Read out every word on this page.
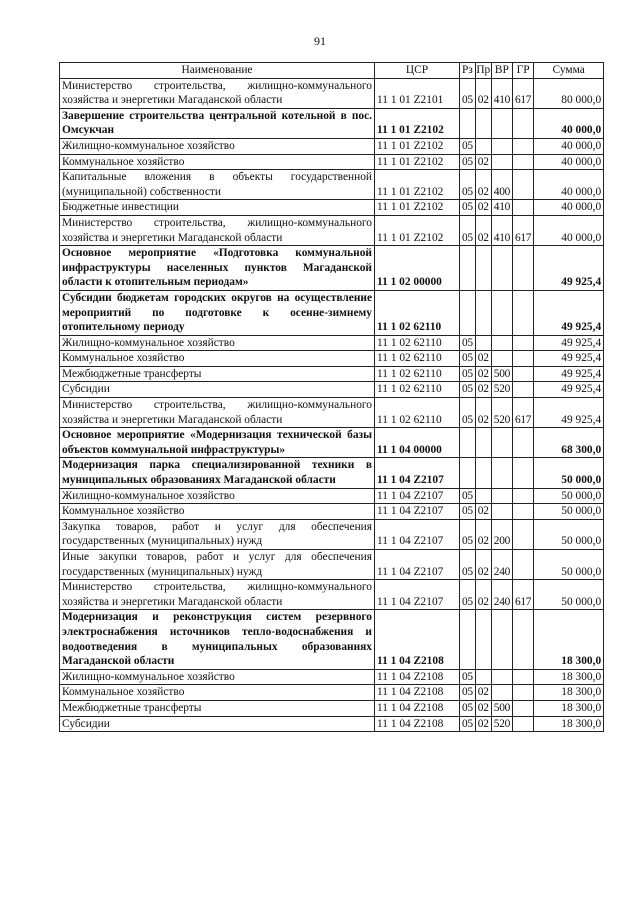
91
Наименование	ЦСР	Рз	Пр	ВР	ГР	Сумма
Министерство строительства, жилищно-коммунального хозяйства и энергетики Магаданской области	11 1 01 Z2101	05	02	410	617	80 000,0
Завершение строительства центральной котельной в пос. Омсукчан	11 1 01 Z2102					40 000,0
Жилищно-коммунальное хозяйство	11 1 01 Z2102	05				40 000,0
Коммунальное хозяйство	11 1 01 Z2102	05	02			40 000,0
Капитальные вложения в объекты государственной (муниципальной) собственности	11 1 01 Z2102	05	02	400		40 000,0
Бюджетные инвестиции	11 1 01 Z2102	05	02	410		40 000,0
Министерство строительства, жилищно-коммунального хозяйства и энергетики Магаданской области	11 1 01 Z2102	05	02	410	617	40 000,0
Основное мероприятие «Подготовка коммунальной инфраструктуры населенных пунктов Магаданской области к отопительным периодам»	11 1 02 00000					49 925,4
Субсидии бюджетам городских округов на осуществление мероприятий по подготовке к осенне-зимнему отопительному периоду	11 1 02 62110					49 925,4
Жилищно-коммунальное хозяйство	11 1 02 62110	05				49 925,4
Коммунальное хозяйство	11 1 02 62110	05	02			49 925,4
Межбюджетные трансферты	11 1 02 62110	05	02	500		49 925,4
Субсидии	11 1 02 62110	05	02	520		49 925,4
Министерство строительства, жилищно-коммунального хозяйства и энергетики Магаданской области	11 1 02 62110	05	02	520	617	49 925,4
Основное мероприятие «Модернизация технической базы объектов коммунальной инфраструктуры»	11 1 04 00000					68 300,0
Модернизация парка специализированной техники в муниципальных образованиях Магаданской области	11 1 04 Z2107					50 000,0
Жилищно-коммунальное хозяйство	11 1 04 Z2107	05				50 000,0
Коммунальное хозяйство	11 1 04 Z2107	05	02			50 000,0
Закупка товаров, работ и услуг для обеспечения государственных (муниципальных) нужд	11 1 04 Z2107	05	02	200		50 000,0
Иные закупки товаров, работ и услуг для обеспечения государственных (муниципальных) нужд	11 1 04 Z2107	05	02	240		50 000,0
Министерство строительства, жилищно-коммунального хозяйства и энергетики Магаданской области	11 1 04 Z2107	05	02	240	617	50 000,0
Модернизация и реконструкция систем резервного электроснабжения источников тепло-водоснабжения и водоотведения в муниципальных образованиях Магаданской области	11 1 04 Z2108					18 300,0
Жилищно-коммунальное хозяйство	11 1 04 Z2108	05				18 300,0
Коммунальное хозяйство	11 1 04 Z2108	05	02			18 300,0
Межбюджетные трансферты	11 1 04 Z2108	05	02	500		18 300,0
Субсидии	11 1 04 Z2108	05	02	520		18 300,0
